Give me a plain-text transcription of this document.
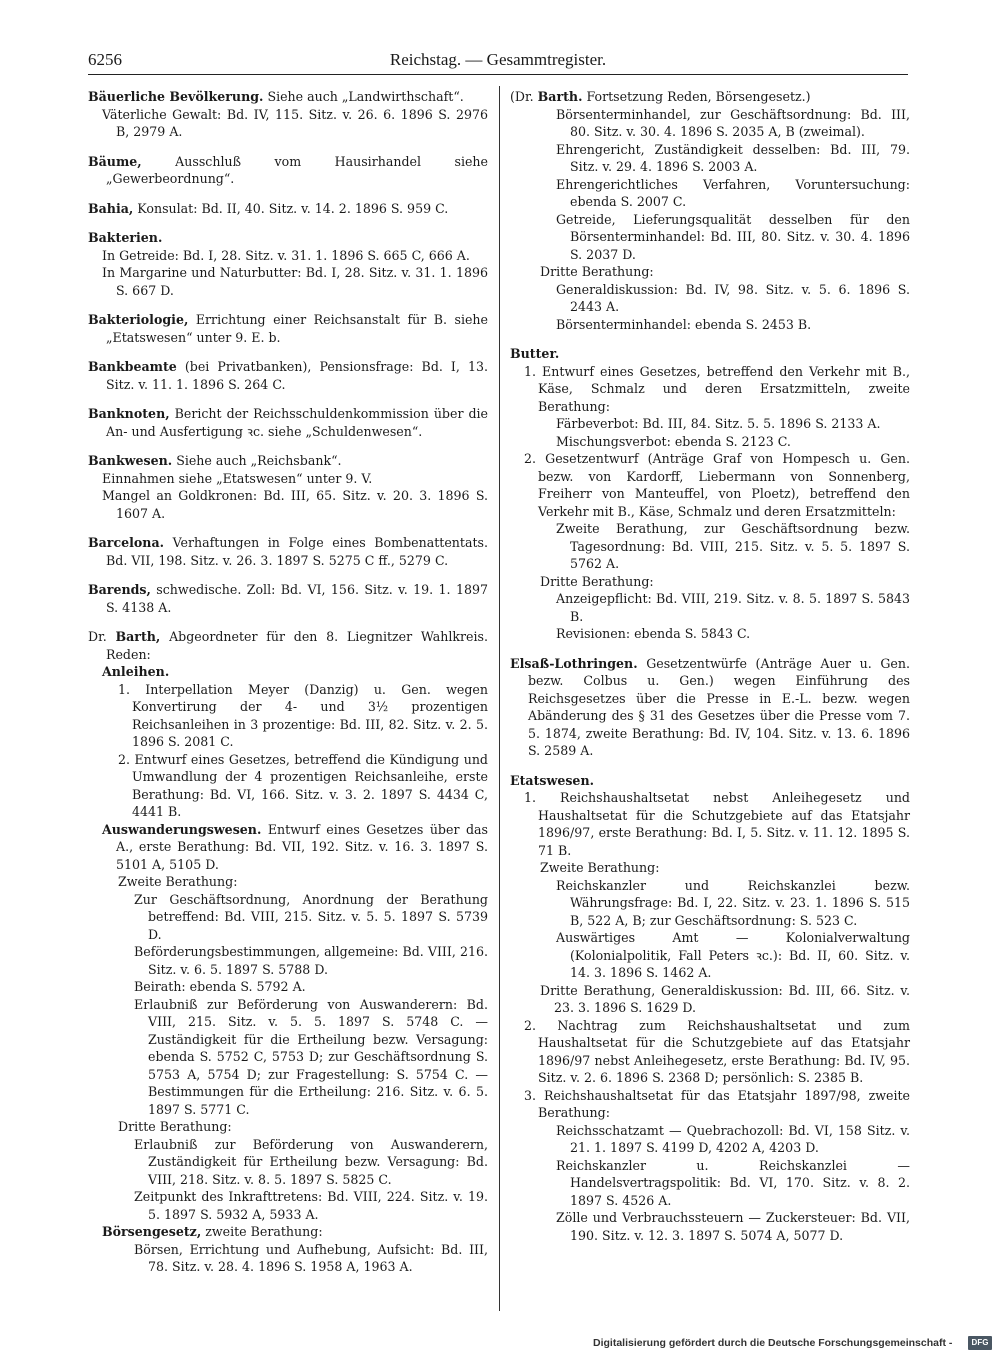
6256	Reichstag. — Gesammtregister.
Bäuerliche Bevölkerung. Siehe auch „Landwirthschaft“.
Väterliche Gewalt: Bd. IV, 115. Sitz. v. 26. 6. 1896 S. 2976 B, 2979 A.
Bäume, Ausschluß vom Hausirhandel siehe „Gewerbeordnung“.
Bahia, Konsulat: Bd. II, 40. Sitz. v. 14. 2. 1896 S. 959 C.
Bakterien.
In Getreide: Bd. I, 28. Sitz. v. 31. 1. 1896 S. 665 C, 666 A.
In Margarine und Naturbutter: Bd. I, 28. Sitz. v. 31. 1. 1896 S. 667 D.
Bakteriologie, Errichtung einer Reichsanstalt für B. siehe „Etatswesen“ unter 9. E. b.
Bankbeamte (bei Privatbanken), Pensionsfrage: Bd. I, 13. Sitz. v. 11. 1. 1896 S. 264 C.
Banknoten, Bericht der Reichsschuldenkommission über die An- und Ausfertigung ꝛc. siehe „Schuldenwesen“.
Bankwesen. Siehe auch „Reichsbank“.
Einnahmen siehe „Etatswesen“ unter 9. V.
Mangel an Goldkronen: Bd. III, 65. Sitz. v. 20. 3. 1896 S. 1607 A.
Barcelona. Verhaftungen in Folge eines Bombenattentats. Bd. VII, 198. Sitz. v. 26. 3. 1897 S. 5275 C ff., 5279 C.
Barends, schwedische. Zoll: Bd. VI, 156. Sitz. v. 19. 1. 1897 S. 4138 A.
Dr. Barth, Abgeordneter für den 8. Liegnitzer Wahlkreis. Reden:
Anleihen.
1. Interpellation Meyer (Danzig) u. Gen. wegen Konvertirung der 4- und 3½ prozentigen Reichsanleihen in 3 prozentige: Bd. III, 82. Sitz. v. 2. 5. 1896 S. 2081 C.
2. Entwurf eines Gesetzes, betreffend die Kündigung und Umwandlung der 4 prozentigen Reichsanleihe, erste Berathung: Bd. VI, 166. Sitz. v. 3. 2. 1897 S. 4434 C, 4441 B.
Auswanderungswesen. Entwurf eines Gesetzes über das A., erste Berathung: Bd. VII, 192. Sitz. v. 16. 3. 1897 S. 5101 A, 5105 D.
Zweite Berathung:
Zur Geschäftsordnung, Anordnung der Berathung betreffend: Bd. VIII, 215. Sitz. v. 5. 5. 1897 S. 5739 D.
Beförderungsbestimmungen, allgemeine: Bd. VIII, 216. Sitz. v. 6. 5. 1897 S. 5788 D.
Beirath: ebenda S. 5792 A.
Erlaubniß zur Beförderung von Auswanderern: Bd. VIII, 215. Sitz. v. 5. 5. 1897 S. 5748 C. — Zuständigkeit für die Ertheilung bezw. Versagung: ebenda S. 5752 C, 5753 D; zur Geschäftsordnung S. 5753 A, 5754 D; zur Fragestellung: S. 5754 C. — Bestimmungen für die Ertheilung: 216. Sitz. v. 6. 5. 1897 S. 5771 C.
Dritte Berathung:
Erlaubniß zur Beförderung von Auswanderern, Zuständigkeit für Ertheilung bezw. Versagung: Bd. VIII, 218. Sitz. v. 8. 5. 1897 S. 5825 C.
Zeitpunkt des Inkrafttretens: Bd. VIII, 224. Sitz. v. 19. 5. 1897 S. 5932 A, 5933 A.
Börsengesetz, zweite Berathung:
Börsen, Errichtung und Aufhebung, Aufsicht: Bd. III, 78. Sitz. v. 28. 4. 1896 S. 1958 A, 1963 A.
(Dr. Barth. Fortsetzung Reden, Börsengesetz.)
Börsenterminhandel, zur Geschäftsordnung: Bd. III, 80. Sitz. v. 30. 4. 1896 S. 2035 A, B (zweimal).
Ehrengericht, Zuständigkeit desselben: Bd. III, 79. Sitz. v. 29. 4. 1896 S. 2003 A.
Ehrengerichtliches Verfahren, Voruntersuchung: ebenda S. 2007 C.
Getreide, Lieferungsqualität desselben für den Börsenterminhandel: Bd. III, 80. Sitz. v. 30. 4. 1896 S. 2037 D.
Dritte Berathung:
Generaldiskussion: Bd. IV, 98. Sitz. v. 5. 6. 1896 S. 2443 A.
Börsenterminhandel: ebenda S. 2453 B.
Butter.
1. Entwurf eines Gesetzes, betreffend den Verkehr mit B., Käse, Schmalz und deren Ersatzmitteln, zweite Berathung:
Färbeverbot: Bd. III, 84. Sitz. 5. 5. 1896 S. 2133 A.
Mischungsverbot: ebenda S. 2123 C.
2. Gesetzentwurf (Anträge Graf von Hompesch u. Gen. bezw. von Kardorff, Liebermann von Sonnenberg, Freiherr von Manteuffel, von Ploetz), betreffend den Verkehr mit B., Käse, Schmalz und deren Ersatzmitteln:
Zweite Berathung, zur Geschäftsordnung bezw. Tagesordnung: Bd. VIII, 215. Sitz. v. 5. 5. 1897 S. 5762 A.
Dritte Berathung:
Anzeigepflicht: Bd. VIII, 219. Sitz. v. 8. 5. 1897 S. 5843 B.
Revisionen: ebenda S. 5843 C.
Elsaß-Lothringen. Gesetzentwürfe (Anträge Auer u. Gen. bezw. Colbus u. Gen.) wegen Einführung des Reichsgesetzes über die Presse in E.-L. bezw. wegen Abänderung des § 31 des Gesetzes über die Presse vom 7. 5. 1874, zweite Berathung: Bd. IV, 104. Sitz. v. 13. 6. 1896 S. 2589 A.
Etatswesen.
1. Reichshaushaltsetat nebst Anleihegesetz und Haushaltsetat für die Schutzgebiete auf das Etatsjahr 1896/97, erste Berathung: Bd. I, 5. Sitz. v. 11. 12. 1895 S. 71 B.
Zweite Berathung:
Reichskanzler und Reichskanzlei bezw. Währungsfrage: Bd. I, 22. Sitz. v. 23. 1. 1896 S. 515 B, 522 A, B; zur Geschäftsordnung: S. 523 C.
Auswärtiges Amt — Kolonialverwaltung (Kolonialpolitik, Fall Peters ꝛc.): Bd. II, 60. Sitz. v. 14. 3. 1896 S. 1462 A.
Dritte Berathung, Generaldiskussion: Bd. III, 66. Sitz. v. 23. 3. 1896 S. 1629 D.
2. Nachtrag zum Reichshaushaltsetat und zum Haushaltsetat für die Schutzgebiete auf das Etatsjahr 1896/97 nebst Anleihegesetz, erste Berathung: Bd. IV, 95. Sitz. v. 2. 6. 1896 S. 2368 D; persönlich: S. 2385 B.
3. Reichshaushaltsetat für das Etatsjahr 1897/98, zweite Berathung:
Reichsschatzamt — Quebrachozoll: Bd. VI, 158 Sitz. v. 21. 1. 1897 S. 4199 D, 4202 A, 4203 D.
Reichskanzler u. Reichskanzlei — Handelsvertragspolitik: Bd. VI, 170. Sitz. v. 8. 2. 1897 S. 4526 A.
Zölle und Verbrauchssteuern — Zuckersteuer: Bd. VII, 190. Sitz. v. 12. 3. 1897 S. 5074 A, 5077 D.
Digitalisierung gefördert durch die Deutsche Forschungsgemeinschaft -	DFG
